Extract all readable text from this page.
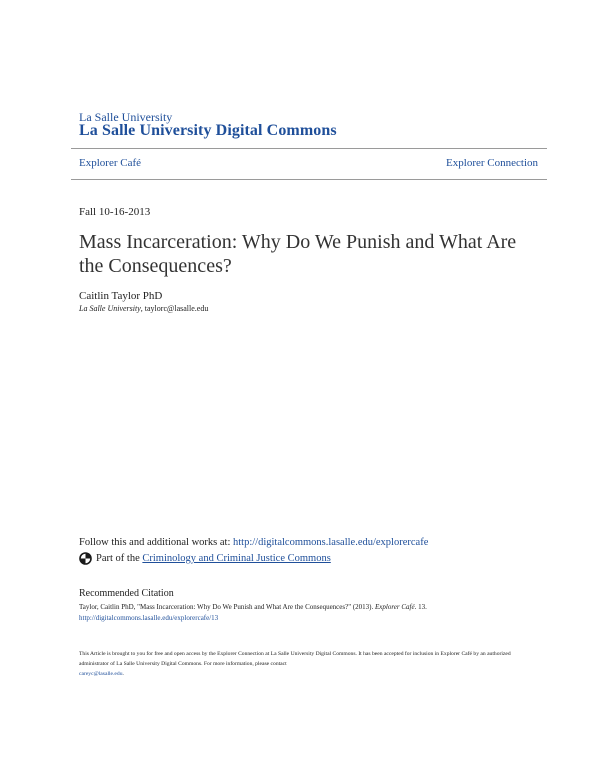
La Salle University
La Salle University Digital Commons
Explorer Café	Explorer Connection
Fall 10-16-2013
Mass Incarceration: Why Do We Punish and What Are the Consequences?
Caitlin Taylor PhD
La Salle University, taylorc@lasalle.edu
Follow this and additional works at: http://digitalcommons.lasalle.edu/explorercafe
Part of the
Criminology and Criminal Justice Commons
Recommended Citation
Taylor, Caitlin PhD, "Mass Incarceration: Why Do We Punish and What Are the Consequences?" (2013). Explorer Café. 13.
http://digitalcommons.lasalle.edu/explorercafe/13
This Article is brought to you for free and open access by the Explorer Connection at La Salle University Digital Commons. It has been accepted for inclusion in Explorer Café by an authorized administrator of La Salle University Digital Commons. For more information, please contact
careyc@lasalle.edu.
